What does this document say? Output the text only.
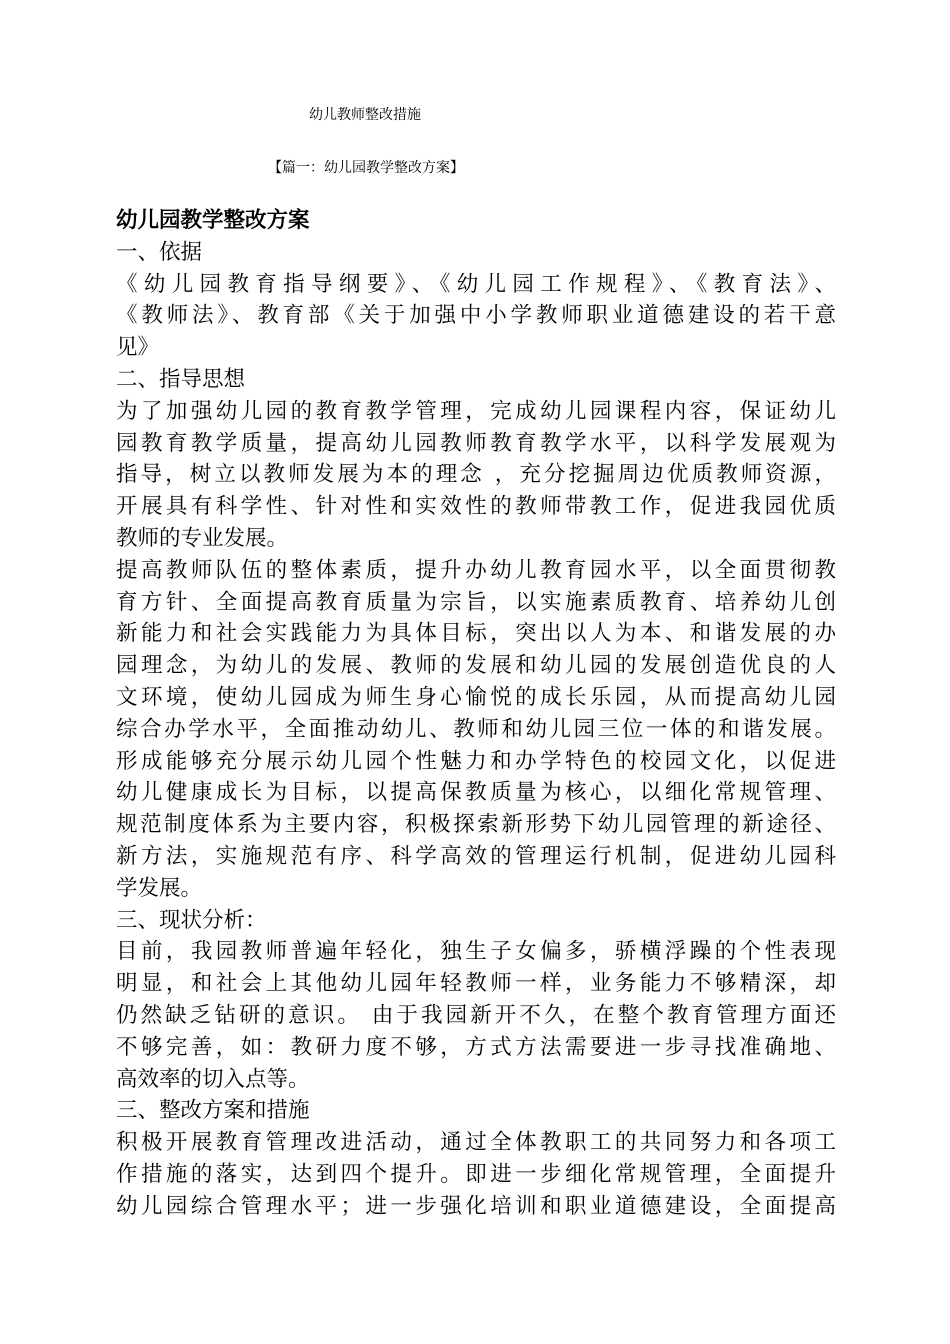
幼儿教师整改措施
【篇一：幼儿园教学整改方案】
幼儿园教学整改方案
一、依据
《幼儿园教育指导纲要》、《幼儿园工作规程》、《教育法》、
《教师法》、教育部《关于加强中小学教师职业道德建设的若干意
见》
二、指导思想
为了加强幼儿园的教育教学管理，完成幼儿园课程内容，保证幼儿
园教育教学质量，提高幼儿园教师教育教学水平，以科学发展观为
指导，树立以教师发展为本的理念 ，充分挖掘周边优质教师资源，
开展具有科学性、针对性和实效性的教师带教工作，促进我园优质
教师的专业发展。
提高教师队伍的整体素质，提升办幼儿教育园水平，以全面贯彻教
育方针、全面提高教育质量为宗旨，以实施素质教育、培养幼儿创
新能力和社会实践能力为具体目标，突出以人为本、和谐发展的办
园理念，为幼儿的发展、教师的发展和幼儿园的发展创造优良的人
文环境，使幼儿园成为师生身心愉悦的成长乐园，从而提高幼儿园
综合办学水平，全面推动幼儿、教师和幼儿园三位一体的和谐发展。
形成能够充分展示幼儿园个性魅力和办学特色的校园文化，以促进
幼儿健康成长为目标，以提高保教质量为核心，以细化常规管理、
规范制度体系为主要内容，积极探索新形势下幼儿园管理的新途径、
新方法，实施规范有序、科学高效的管理运行机制，促进幼儿园科
学发展。
三、现状分析：
目前，我园教师普遍年轻化，独生子女偏多，骄横浮躁的个性表现
明显，和社会上其他幼儿园年轻教师一样，业务能力不够精深，却
仍然缺乏钻研的意识。 由于我园新开不久，在整个教育管理方面还
不够完善，如：教研力度不够，方式方法需要进一步寻找准确地、
高效率的切入点等。
三、整改方案和措施
积极开展教育管理改进活动，通过全体教职工的共同努力和各项工
作措施的落实，达到四个提升。即进一步细化常规管理，全面提升
幼儿园综合管理水平；进一步强化培训和职业道德建设，全面提高
